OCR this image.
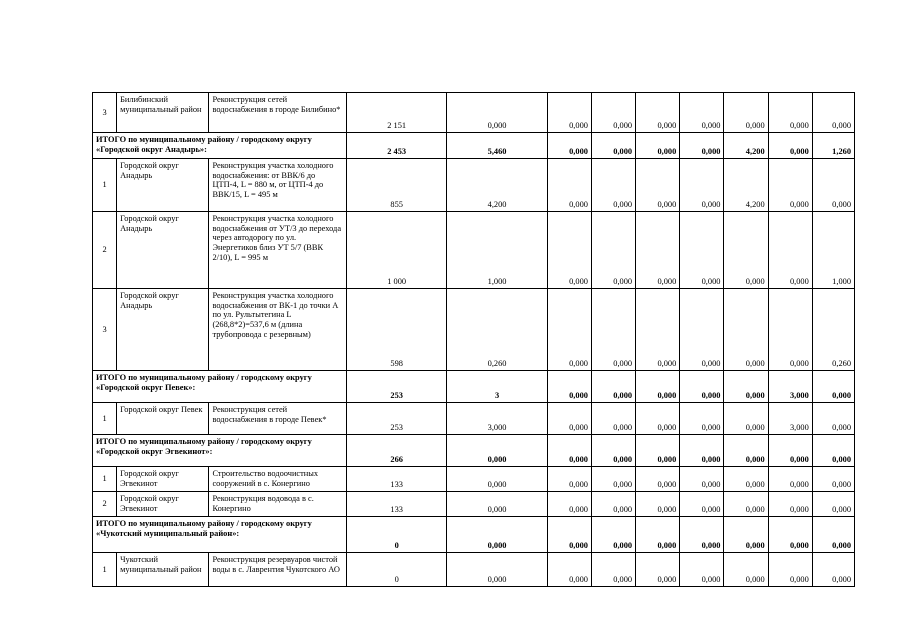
3	Билибинский муниципальный район	Реконструкция сетей водоснабжения в городе Билибино*	2 151	0,000	0,000	0,000	0,000	0,000	0,000	0,000	0,000
ИТОГО по муниципальному району / городскому округу «Городской округ Анадырь»:			2 453	5,460	0,000	0,000	0,000	0,000	4,200	0,000	1,260
1	Городской округ Анадырь	Реконструкция участка холодного водоснабжения: от ВВК/6 до ЦТП-4, L = 880 м, от ЦТП-4 до ВВК/15, L = 495 м	855	4,200	0,000	0,000	0,000	0,000	4,200	0,000	0,000
2	Городской округ Анадырь	Реконструкция участка холодного водоснабжения от УТ/3 до перехода через автодорогу по ул. Энергетиков близ УТ 5/7 (ВВК 2/10), L = 995 м	1 000	1,000	0,000	0,000	0,000	0,000	0,000	0,000	1,000
3	Городской округ Анадырь	Реконструкция участка холодного водоснабжения от ВК-1 до точки А по ул. Рультытегина L (268,8*2)=537,6 м (длина трубопровода с резервным)	598	0,260	0,000	0,000	0,000	0,000	0,000	0,000	0,260
ИТОГО по муниципальному району / городскому округу «Городской округ Певек»:			253	3	0,000	0,000	0,000	0,000	0,000	3,000	0,000
1	Городской округ Певек	Реконструкция сетей водоснабжения в городе Певек*	253	3,000	0,000	0,000	0,000	0,000	0,000	3,000	0,000
ИТОГО по муниципальному району / городскому округу «Городской округ Эгвекинот»:			266	0,000	0,000	0,000	0,000	0,000	0,000	0,000	0,000
1	Городской округ Эгвекинот	Строительство водоочистных сооружений в с. Конергино	133	0,000	0,000	0,000	0,000	0,000	0,000	0,000	0,000
2	Городской округ Эгвекинот	Реконструкция водовода в с. Конергино	133	0,000	0,000	0,000	0,000	0,000	0,000	0,000	0,000
ИТОГО по муниципальному району / городскому округу «Чукотский муниципальный район»:			0	0,000	0,000	0,000	0,000	0,000	0,000	0,000	0,000
1	Чукотский муниципальный район	Реконструкция резервуаров чистой воды в с. Лаврентия Чукотского АО	0	0,000	0,000	0,000	0,000	0,000	0,000	0,000	0,000
